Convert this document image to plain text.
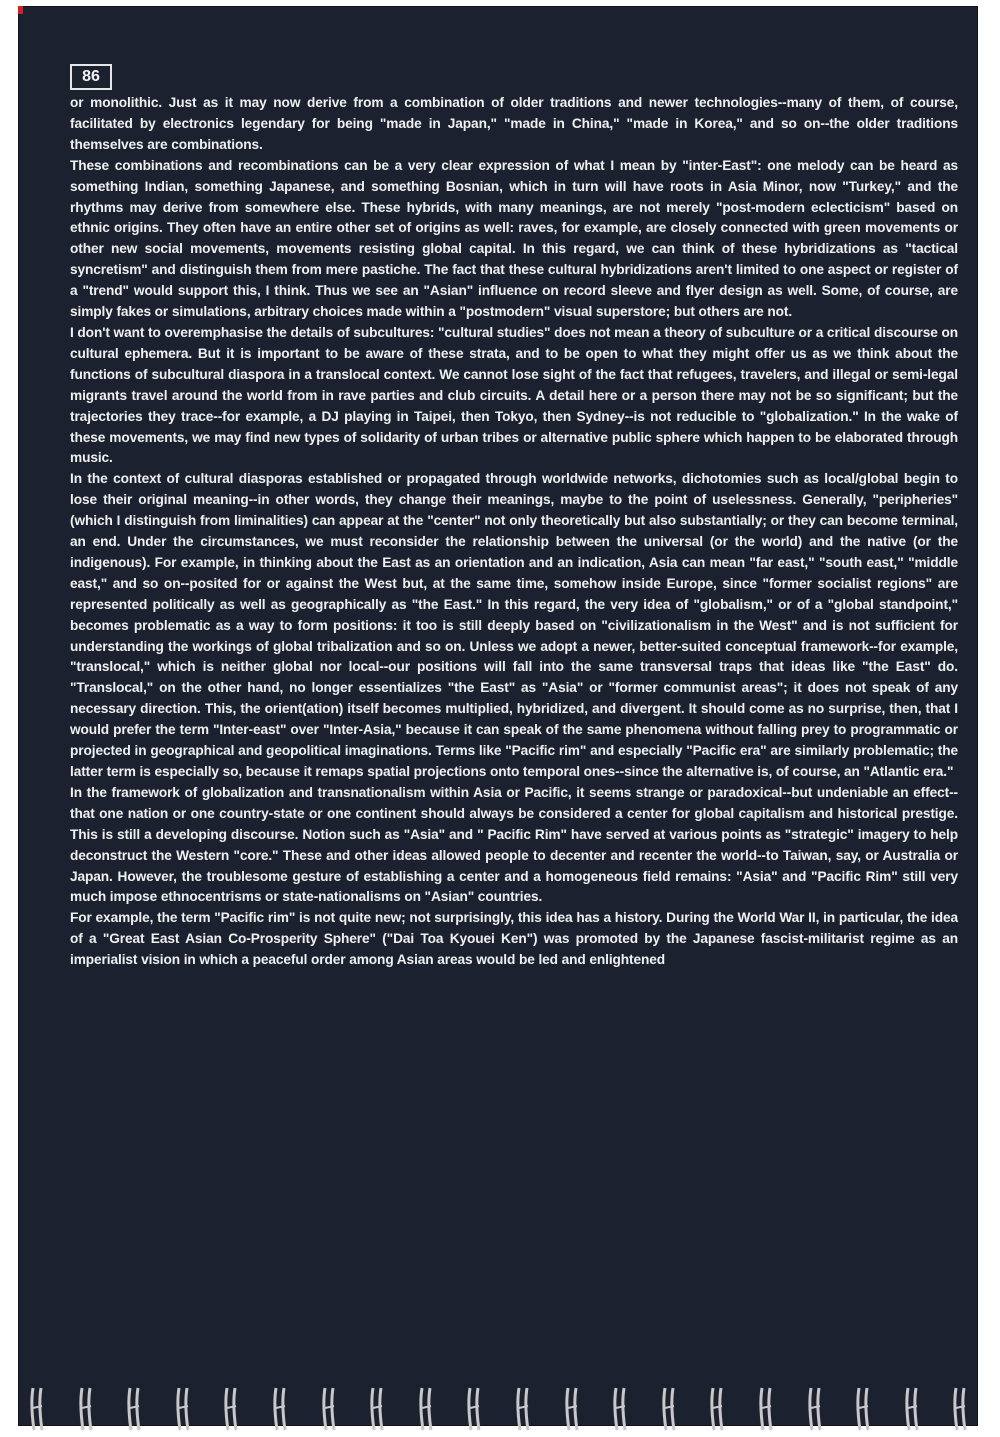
86

or monolithic. Just as it may now derive from a combination of older traditions and newer technologies--many of them, of course, facilitated by electronics legendary for being "made in Japan," "made in China," "made in Korea," and so on--the older traditions themselves are combinations.

These combinations and recombinations can be a very clear expression of what I mean by "inter-East": one melody can be heard as something Indian, something Japanese, and something Bosnian, which in turn will have roots in Asia Minor, now "Turkey," and the rhythms may derive from somewhere else. These hybrids, with many meanings, are not merely "post-modern eclecticism" based on ethnic origins. They often have an entire other set of origins as well: raves, for example, are closely connected with green movements or other new social movements, movements resisting global capital. In this regard, we can think of these hybridizations as "tactical syncretism" and distinguish them from mere pastiche. The fact that these cultural hybridizations aren't limited to one aspect or register of a "trend" would support this, I think. Thus we see an "Asian" influence on record sleeve and flyer design as well. Some, of course, are simply fakes or simulations, arbitrary choices made within a "postmodern" visual superstore; but others are not.

I don't want to overemphasise the details of subcultures: "cultural studies" does not mean a theory of subculture or a critical discourse on cultural ephemera. But it is important to be aware of these strata, and to be open to what they might offer us as we think about the functions of subcultural diaspora in a translocal context. We cannot lose sight of the fact that refugees, travelers, and illegal or semi-legal migrants travel around the world from in rave parties and club circuits. A detail here or a person there may not be so significant; but the trajectories they trace--for example, a DJ playing in Taipei, then Tokyo, then Sydney--is not reducible to "globalization." In the wake of these movements, we may find new types of solidarity of urban tribes or alternative public sphere which happen to be elaborated through music.

In the context of cultural diasporas established or propagated through worldwide networks, dichotomies such as local/global begin to lose their original meaning--in other words, they change their meanings, maybe to the point of uselessness. Generally, "peripheries" (which I distinguish from liminalities) can appear at the "center" not only theoretically but also substantially; or they can become terminal, an end. Under the circumstances, we must reconsider the relationship between the universal (or the world) and the native (or the indigenous). For example, in thinking about the East as an orientation and an indication, Asia can mean "far east," "south east," "middle east," and so on--posited for or against the West but, at the same time, somehow inside Europe, since "former socialist regions" are represented politically as well as geographically as "the East." In this regard, the very idea of "globalism," or of a "global standpoint," becomes problematic as a way to form positions: it too is still deeply based on "civilizationalism in the West" and is not sufficient for understanding the workings of global tribalization and so on. Unless we adopt a newer, better-suited conceptual framework--for example, "translocal," which is neither global nor local--our positions will fall into the same transversal traps that ideas like "the East" do. "Translocal," on the other hand, no longer essentializes "the East" as "Asia" or "former communist areas"; it does not speak of any necessary direction. This, the orient(ation) itself becomes multiplied, hybridized, and divergent. It should come as no surprise, then, that I would prefer the term "Inter-east" over "Inter-Asia," because it can speak of the same phenomena without falling prey to programmatic or projected in geographical and geopolitical imaginations. Terms like "Pacific rim" and especially "Pacific era" are similarly problematic; the latter term is especially so, because it remaps spatial projections onto temporal ones--since the alternative is, of course, an "Atlantic era."

In the framework of globalization and transnationalism within Asia or Pacific, it seems strange or paradoxical--but undeniable an effect--that one nation or one country-state or one continent should always be considered a center for global capitalism and historical prestige. This is still a developing discourse. Notion such as "Asia" and " Pacific Rim" have served at various points as "strategic" imagery to help deconstruct the Western "core." These and other ideas allowed people to decenter and recenter the world--to Taiwan, say, or Australia or Japan. However, the troublesome gesture of establishing a center and a homogeneous field remains: "Asia" and "Pacific Rim" still very much impose ethnocentrisms or state-nationalisms on "Asian" countries.

For example, the term "Pacific rim" is not quite new; not surprisingly, this idea has a history. During the World War II, in particular, the idea of a "Great East Asian Co-Prosperity Sphere" ("Dai Toa Kyouei Ken") was promoted by the Japanese fascist-militarist regime as an imperialist vision in which a peaceful order among Asian areas would be led and enlightened
